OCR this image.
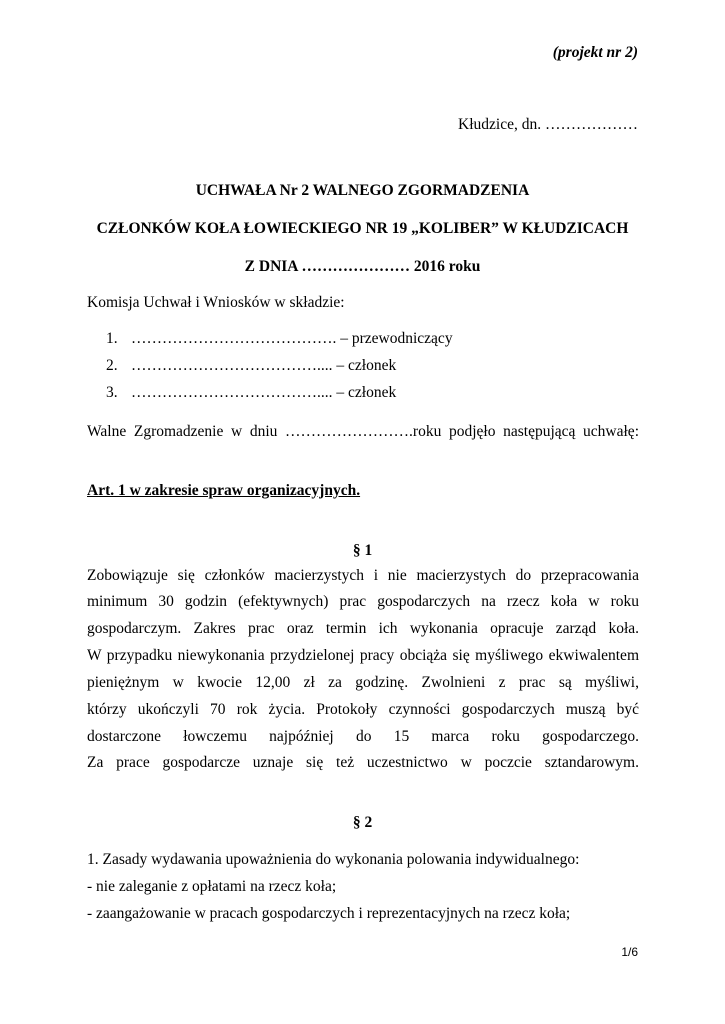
(projekt nr 2)
Kłudzice, dn. ………………
UCHWAŁA Nr 2 WALNEGO ZGORMADZENIA
CZŁONKÓW KOŁA ŁOWIECKIEGO NR 19 „KOLIBER” W KŁUDZICACH
Z DNIA ………………… 2016 roku
Komisja Uchwał i Wniosków w składzie:
1. …………………………………. – przewodniczący
2. ……………………………….... – członek
3. ……………………………….... – członek
Walne Zgromadzenie w dniu …………………….roku podjęło następującą uchwałę:
Art. 1 w zakresie spraw organizacyjnych.
§ 1
Zobowiązuje się członków macierzystych i nie macierzystych do przepracowania
minimum 30 godzin (efektywnych) prac gospodarczych na rzecz koła w roku
gospodarczym. Zakres prac oraz termin ich wykonania opracuje zarząd koła.
W przypadku niewykonania przydzielonej pracy obciąża się myśliwego ekwiwalentem
pieniężnym w kwocie 12,00 zł za godzinę. Zwolnieni z prac są myśliwi,
którzy ukończyli 70 rok życia. Protokoły czynności gospodarczych muszą być
dostarczone łowczemu najpóźniej do 15 marca roku gospodarczego.
Za prace gospodarcze uznaje się też uczestnictwo w poczcie sztandarowym.
§ 2
1. Zasady wydawania upoważnienia do wykonania polowania indywidualnego:
- nie zaleganie z opłatami na rzecz koła;
- zaangażowanie w pracach gospodarczych i reprezentacyjnych na rzecz koła;
1/6
